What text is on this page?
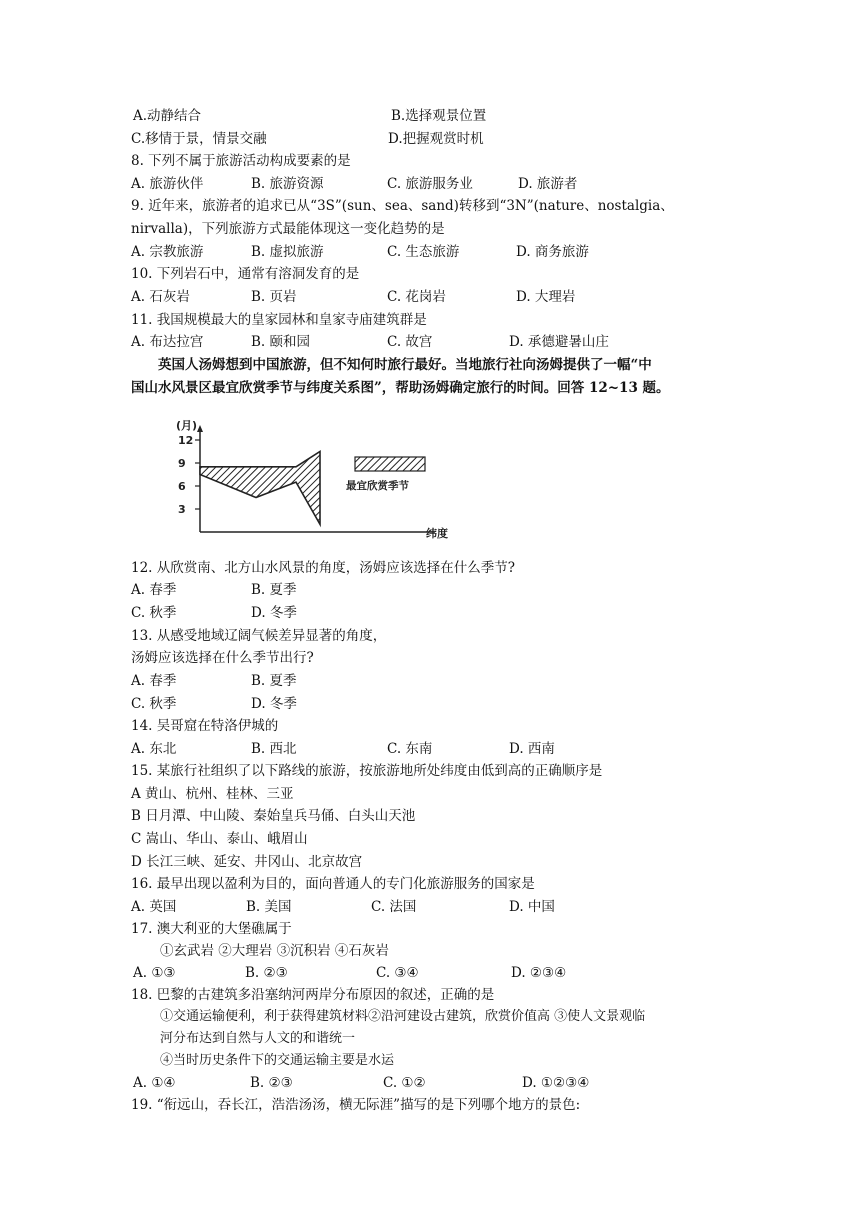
A.动静结合	B.选择观景位置
C.移情于景，情景交融	D.把握观赏时机
8. 下列不属于旅游活动构成要素的是
A. 旅游伙伴	B. 旅游资源	C. 旅游服务业	D. 旅游者
9. 近年来，旅游者的追求已从“3S”(sun、sea、sand)转移到“3N”(nature、nostalgia、
nirvalla)，下列旅游方式最能体现这一变化趋势的是
A. 宗教旅游	B. 虚拟旅游	C. 生态旅游	D. 商务旅游
10. 下列岩石中，通常有溶洞发育的是
A. 石灰岩	B. 页岩	C. 花岗岩	D. 大理岩
11. 我国规模最大的皇家园林和皇家寺庙建筑群是
A. 布达拉宫	B. 颐和园	C. 故宫	D. 承德避暑山庄
英国人汤姆想到中国旅游，但不知何时旅行最好。当地旅行社向汤姆提供了一幅“中
国山水风景区最宜欣赏季节与纬度关系图”，帮助汤姆确定旅行的时间。回答 12~13 题。
(月)
纬度
12
9
6
3
最宜欣赏季节
12. 从欣赏南、北方山水风景的角度，汤姆应该选择在什么季节?
A. 春季	B. 夏季
C. 秋季	D. 冬季
13. 从感受地域辽阔气候差异显著的角度，
汤姆应该选择在什么季节出行?
A. 春季	B. 夏季
C. 秋季	D. 冬季
14. 吴哥窟在特洛伊城的
A. 东北	B. 西北	C. 东南	D. 西南
15. 某旅行社组织了以下路线的旅游，按旅游地所处纬度由低到高的正确顺序是
A 黄山、杭州、桂林、三亚
B 日月潭、中山陵、秦始皇兵马俑、白头山天池
C 嵩山、华山、泰山、峨眉山
D 长江三峡、延安、井冈山、北京故宫
16. 最早出现以盈利为目的，面向普通人的专门化旅游服务的国家是
A. 英国	B. 美国	C. 法国	D. 中国
17. 澳大利亚的大堡礁属于
①玄武岩 ②大理岩 ③沉积岩 ④石灰岩
A. ①③	B. ②③	C. ③④	D. ②③④
18. 巴黎的古建筑多沿塞纳河两岸分布原因的叙述，正确的是
①交通运输便利，利于获得建筑材料②沿河建设古建筑，欣赏价值高 ③使人文景观临
河分布达到自然与人文的和谐统一
④当时历史条件下的交通运输主要是水运
A. ①④	B. ②③	C. ①②	D. ①②③④
19. “衔远山，吞长江，浩浩汤汤，横无际涯”描写的是下列哪个地方的景色:
